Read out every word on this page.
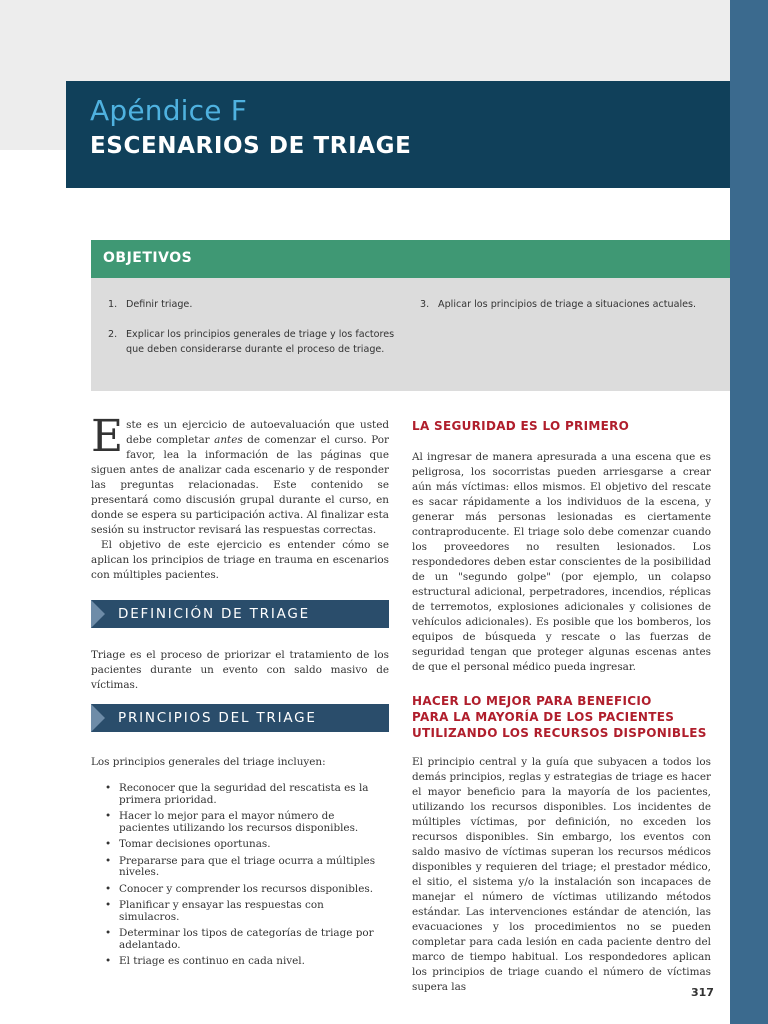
Apéndice F
ESCENARIOS DE TRIAGE
OBJETIVOS
1. Definir triage.
2. Explicar los principios generales de triage y los factores que deben considerarse durante el proceso de triage.
3. Aplicar los principios de triage a situaciones actuales.
Este es un ejercicio de autoevaluación que usted debe completar antes de comenzar el curso. Por favor, lea la información de las páginas que siguen antes de analizar cada escenario y de responder las preguntas relacionadas. Este contenido se presentará como discusión grupal durante el curso, en donde se espera su participación activa. Al finalizar esta sesión su instructor revisará las respuestas correctas.
El objetivo de este ejercicio es entender cómo se aplican los principios de triage en trauma en escenarios con múltiples pacientes.
DEFINICIÓN DE TRIAGE
Triage es el proceso de priorizar el tratamiento de los pacientes durante un evento con saldo masivo de víctimas.
PRINCIPIOS DEL TRIAGE
Los principios generales del triage incluyen:
• Reconocer que la seguridad del rescatista es la primera prioridad.
• Hacer lo mejor para el mayor número de pacientes utilizando los recursos disponibles.
• Tomar decisiones oportunas.
• Prepararse para que el triage ocurra a múltiples niveles.
• Conocer y comprender los recursos disponibles.
• Planificar y ensayar las respuestas con simulacros.
• Determinar los tipos de categorías de triage por adelantado.
• El triage es continuo en cada nivel.
LA SEGURIDAD ES LO PRIMERO
Al ingresar de manera apresurada a una escena que es peligrosa, los socorristas pueden arriesgarse a crear aún más víctimas: ellos mismos. El objetivo del rescate es sacar rápidamente a los individuos de la escena, y generar más personas lesionadas es ciertamente contraproducente. El triage solo debe comenzar cuando los proveedores no resulten lesionados. Los respondedores deben estar conscientes de la posibilidad de un "segundo golpe" (por ejemplo, un colapso estructural adicional, perpetradores, incendios, réplicas de terremotos, explosiones adicionales y colisiones de vehículos adicionales). Es posible que los bomberos, los equipos de búsqueda y rescate o las fuerzas de seguridad tengan que proteger algunas escenas antes de que el personal médico pueda ingresar.
HACER LO MEJOR PARA BENEFICIO
PARA LA MAYORÍA DE LOS PACIENTES
UTILIZANDO LOS RECURSOS DISPONIBLES
El principio central y la guía que subyacen a todos los demás principios, reglas y estrategias de triage es hacer el mayor beneficio para la mayoría de los pacientes, utilizando los recursos disponibles. Los incidentes de múltiples víctimas, por definición, no exceden los recursos disponibles. Sin embargo, los eventos con saldo masivo de víctimas superan los recursos médicos disponibles y requieren del triage; el prestador médico, el sitio, el sistema y/o la instalación son incapaces de manejar el número de víctimas utilizando métodos estándar. Las intervenciones estándar de atención, las evacuaciones y los procedimientos no se pueden completar para cada lesión en cada paciente dentro del marco de tiempo habitual. Los respondedores aplican los principios de triage cuando el número de víctimas supera las	317
